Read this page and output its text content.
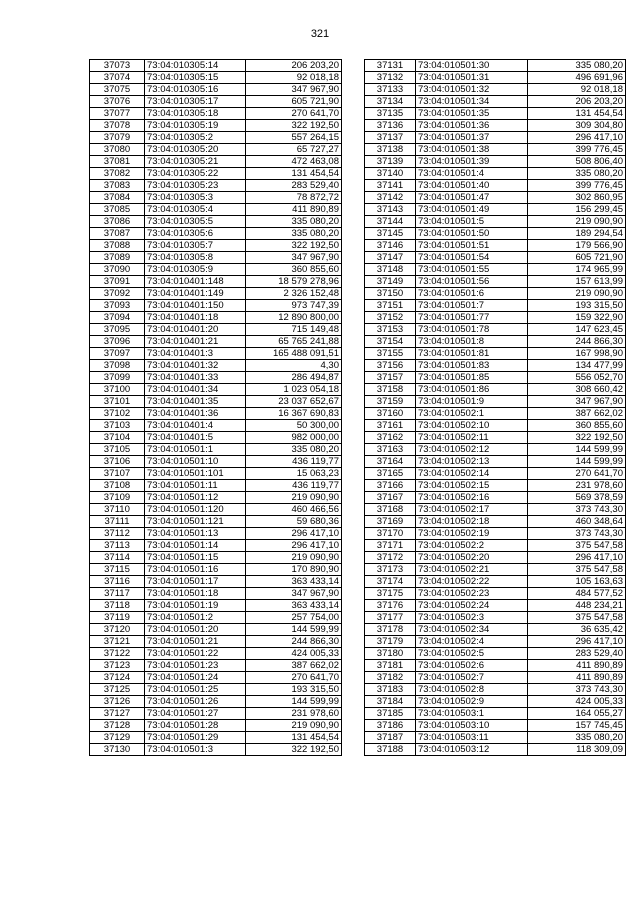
321
37073	73:04:010305:14	206 203,20
37074	73:04:010305:15	92 018,18
37075	73:04:010305:16	347 967,90
37076	73:04:010305:17	605 721,90
37077	73:04:010305:18	270 641,70
37078	73:04:010305:19	322 192,50
37079	73:04:010305:2	557 264,15
37080	73:04:010305:20	65 727,27
37081	73:04:010305:21	472 463,08
37082	73:04:010305:22	131 454,54
37083	73:04:010305:23	283 529,40
37084	73:04:010305:3	78 872,72
37085	73:04:010305:4	411 890,89
37086	73:04:010305:5	335 080,20
37087	73:04:010305:6	335 080,20
37088	73:04:010305:7	322 192,50
37089	73:04:010305:8	347 967,90
37090	73:04:010305:9	360 855,60
37091	73:04:010401:148	18 579 278,96
37092	73:04:010401:149	2 326 152,48
37093	73:04:010401:150	973 747,39
37094	73:04:010401:18	12 890 800,00
37095	73:04:010401:20	715 149,48
37096	73:04:010401:21	65 765 241,88
37097	73:04:010401:3	165 488 091,51
37098	73:04:010401:32	4,30
37099	73:04:010401:33	286 494,87
37100	73:04:010401:34	1 023 054,18
37101	73:04:010401:35	23 037 652,67
37102	73:04:010401:36	16 367 690,83
37103	73:04:010401:4	50 300,00
37104	73:04:010401:5	982 000,00
37105	73:04:010501:1	335 080,20
37106	73:04:010501:10	436 119,77
37107	73:04:010501:101	15 063,23
37108	73:04:010501:11	436 119,77
37109	73:04:010501:12	219 090,90
37110	73:04:010501:120	460 466,56
37111	73:04:010501:121	59 680,36
37112	73:04:010501:13	296 417,10
37113	73:04:010501:14	296 417,10
37114	73:04:010501:15	219 090,90
37115	73:04:010501:16	170 890,90
37116	73:04:010501:17	363 433,14
37117	73:04:010501:18	347 967,90
37118	73:04:010501:19	363 433,14
37119	73:04:010501:2	257 754,00
37120	73:04:010501:20	144 599,99
37121	73:04:010501:21	244 866,30
37122	73:04:010501:22	424 005,33
37123	73:04:010501:23	387 662,02
37124	73:04:010501:24	270 641,70
37125	73:04:010501:25	193 315,50
37126	73:04:010501:26	144 599,99
37127	73:04:010501:27	231 978,60
37128	73:04:010501:28	219 090,90
37129	73:04:010501:29	131 454,54
37130	73:04:010501:3	322 192,50
37131	73:04:010501:30	335 080,20
37132	73:04:010501:31	496 691,96
37133	73:04:010501:32	92 018,18
37134	73:04:010501:34	206 203,20
37135	73:04:010501:35	131 454,54
37136	73:04:010501:36	309 304,80
37137	73:04:010501:37	296 417,10
37138	73:04:010501:38	399 776,45
37139	73:04:010501:39	508 806,40
37140	73:04:010501:4	335 080,20
37141	73:04:010501:40	399 776,45
37142	73:04:010501:47	302 860,95
37143	73:04:010501:49	156 299,45
37144	73:04:010501:5	219 090,90
37145	73:04:010501:50	189 294,54
37146	73:04:010501:51	179 566,90
37147	73:04:010501:54	605 721,90
37148	73:04:010501:55	174 965,99
37149	73:04:010501:56	157 613,99
37150	73:04:010501:6	219 090,90
37151	73:04:010501:7	193 315,50
37152	73:04:010501:77	159 322,90
37153	73:04:010501:78	147 623,45
37154	73:04:010501:8	244 866,30
37155	73:04:010501:81	167 998,90
37156	73:04:010501:83	134 477,99
37157	73:04:010501:85	556 052,70
37158	73:04:010501:86	308 660,42
37159	73:04:010501:9	347 967,90
37160	73:04:010502:1	387 662,02
37161	73:04:010502:10	360 855,60
37162	73:04:010502:11	322 192,50
37163	73:04:010502:12	144 599,99
37164	73:04:010502:13	144 599,99
37165	73:04:010502:14	270 641,70
37166	73:04:010502:15	231 978,60
37167	73:04:010502:16	569 378,59
37168	73:04:010502:17	373 743,30
37169	73:04:010502:18	460 348,64
37170	73:04:010502:19	373 743,30
37171	73:04:010502:2	375 547,58
37172	73:04:010502:20	296 417,10
37173	73:04:010502:21	375 547,58
37174	73:04:010502:22	105 163,63
37175	73:04:010502:23	484 577,52
37176	73:04:010502:24	448 234,21
37177	73:04:010502:3	375 547,58
37178	73:04:010502:34	36 635,42
37179	73:04:010502:4	296 417,10
37180	73:04:010502:5	283 529,40
37181	73:04:010502:6	411 890,89
37182	73:04:010502:7	411 890,89
37183	73:04:010502:8	373 743,30
37184	73:04:010502:9	424 005,33
37185	73:04:010503:1	164 055,27
37186	73:04:010503:10	157 745,45
37187	73:04:010503:11	335 080,20
37188	73:04:010503:12	118 309,09
